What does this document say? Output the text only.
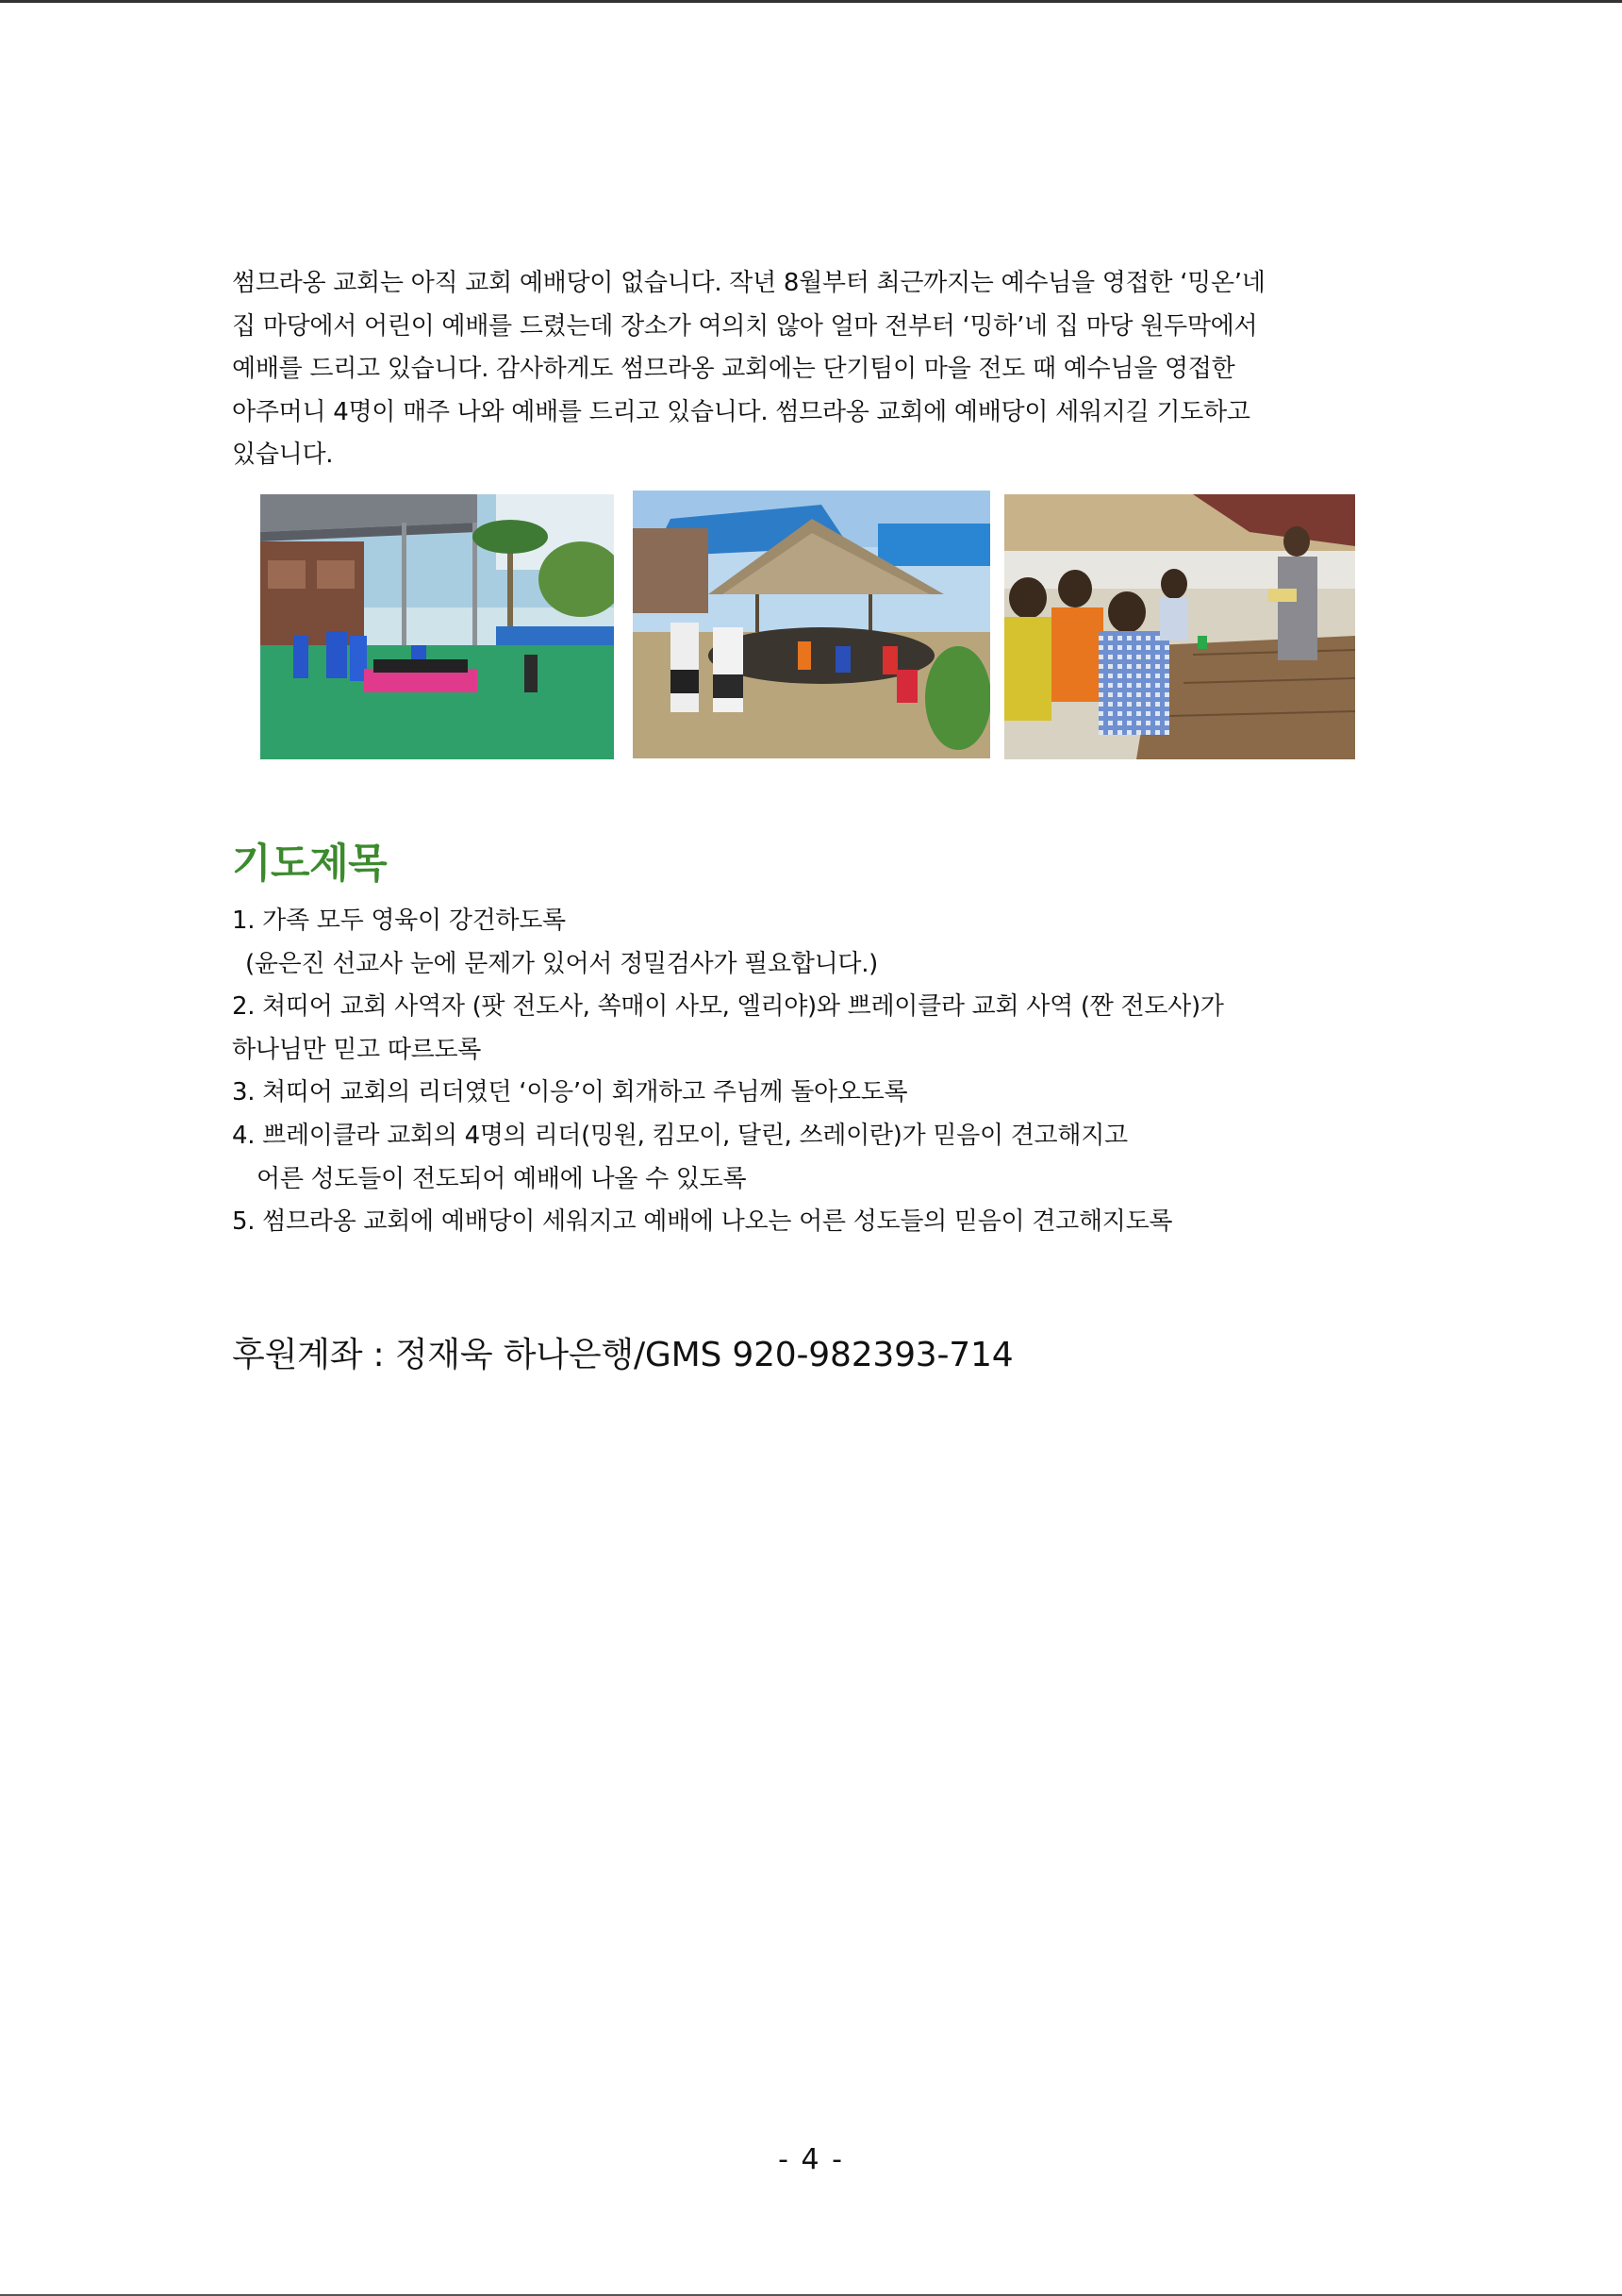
썸므라옹 교회는 아직 교회 예배당이 없습니다. 작년 8월부터 최근까지는 예수님을 영접한 ‘밍온’네
집 마당에서 어린이 예배를 드렸는데 장소가 여의치 않아 얼마 전부터 ‘밍하’네 집 마당 원두막에서
예배를 드리고 있습니다. 감사하게도 썸므라옹 교회에는 단기팀이 마을 전도 때 예수님을 영접한
아주머니 4명이 매주 나와 예배를 드리고 있습니다. 썸므라옹 교회에 예배당이 세워지길 기도하고
있습니다.
기도제목
1. 가족 모두 영육이 강건하도록
(윤은진 선교사 눈에 문제가 있어서 정밀검사가 필요합니다.)
2. 쳐띠어 교회 사역자 (팟 전도사, 쏙매이 사모, 엘리야)와 쁘레이클라 교회 사역 (짠 전도사)가
하나님만 믿고 따르도록
3. 쳐띠어 교회의 리더였던 ‘이응’이 회개하고 주님께 돌아오도록
4. 쁘레이클라 교회의 4명의 리더(밍원, 킴모이, 달린, 쓰레이란)가 믿음이 견고해지고
어른 성도들이 전도되어 예배에 나올 수 있도록
5. 썸므라옹 교회에 예배당이 세워지고 예배에 나오는 어른 성도들의 믿음이 견고해지도록
후원계좌 : 정재욱 하나은행/GMS 920-982393-714
- 4 -
